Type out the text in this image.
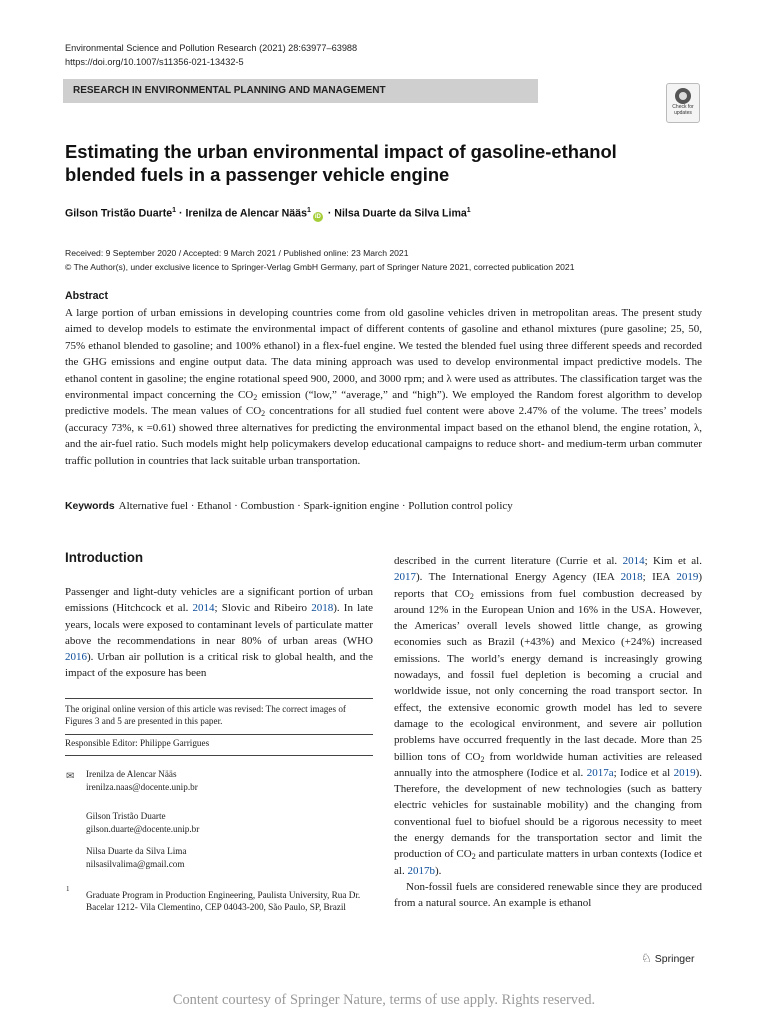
Environmental Science and Pollution Research (2021) 28:63977–63988
https://doi.org/10.1007/s11356-021-13432-5
RESEARCH IN ENVIRONMENTAL PLANNING AND MANAGEMENT
Check for
updates
Estimating the urban environmental impact of gasoline-ethanol
blended fuels in a passenger vehicle engine
Gilson Tristão Duarte$^1$ · Irenilza de Alencar Nääs$^1$iD · Nilsa Duarte da Silva Lima$^1$
Received: 9 September 2020 / Accepted: 9 March 2021 / Published online: 23 March 2021
© The Author(s), under exclusive licence to Springer-Verlag GmbH Germany, part of Springer Nature 2021, corrected publication 2021
Abstract

A large portion of urban emissions in developing countries come from old gasoline vehicles driven in metropolitan areas. The present study aimed to develop models to estimate the environmental impact of different contents of gasoline and ethanol mixtures (pure gasoline; 25, 50, 75% ethanol blended to gasoline; and 100% ethanol) in a flex-fuel engine. We tested the blended fuel using three different speeds and recorded the GHG emissions and engine output data. The data mining approach was used to develop environmental impact predictive models. The ethanol content in gasoline; the engine rotational speed 900, 2000, and 3000 rpm; and λ were used as attributes. The classification target was the environmental impact concerning the $CO_2$ emission (“low,” “average,” and “high”). We employed the Random forest algorithm to develop predictive models. The mean values of $CO_2$ concentrations for all studied fuel content were above 2.47% of the volume. The trees’ models (accuracy 73%, κ =0.61) showed three alternatives for predicting the environmental impact based on the ethanol blend, the engine rotation, λ, and the air-fuel ratio. Such models might help policymakers develop educational campaigns to reduce short- and medium-term urban commuter traffic pollution in countries that lack suitable urban transportation.

Keywords Alternative fuel · Ethanol · Combustion · Spark-ignition engine · Pollution control policy
Introduction

Passenger and light-duty vehicles are a significant portion of urban emissions (Hitchcock et al. 2014; Slovic and Ribeiro 2018). In late years, locals were exposed to contaminant levels of particulate matter above the recommendations in near 80% of urban areas (WHO 2016). Urban air pollution is a critical risk to global health, and the impact of the exposure has been

The original online version of this article was revised: The correct images of Figures 3 and 5 are presented in this paper.
Responsible Editor: Philippe Garrigues
✉ Irenilza de Alencar Nääs
irenilza.naas@docente.unip.br
Gilson Tristão Duarte
gilson.duarte@docente.unip.br
Nilsa Duarte da Silva Lima
nilsasilvalima@gmail.com
1
Graduate Program in Production Engineering, Paulista University, Rua Dr. Bacelar 1212- Vila Clementino, CEP 04043-200, São Paulo, SP, Brazil

described in the current literature (Currie et al. 2014; Kim et al. 2017). The International Energy Agency (IEA 2018; IEA 2019) reports that $CO_2$ emissions from fuel combustion decreased by around 12% in the European Union and 16% in the USA. However, the Americas’ overall levels showed little change, as growing economies such as Brazil (+43%) and Mexico (+24%) increased emissions. The world’s energy demand is increasingly growing nowadays, and fossil fuel depletion is becoming a crucial and worldwide issue, not only concerning the road transport sector. In effect, the extensive economic growth model has led to severe damage to the ecological environment, and severe air pollution problems have occurred frequently in the last decade. More than 25 billion tons of $CO_2$ from worldwide human activities are released annually into the atmosphere (Iodice et al. 2017a; Iodice et al 2019). Therefore, the development of new technologies (such as battery electric vehicles for sustainable mobility) and the changing from conventional fuel to biofuel should be a rigorous necessity to meet the energy demands for the transportation sector and limit the production of $CO_2$ and particulate matters in urban contexts (Iodice et al. 2017b).

Non-fossil fuels are considered renewable since they are produced from a natural source. An example is ethanol

♘ Springer
Content courtesy of Springer Nature, terms of use apply. Rights reserved.
